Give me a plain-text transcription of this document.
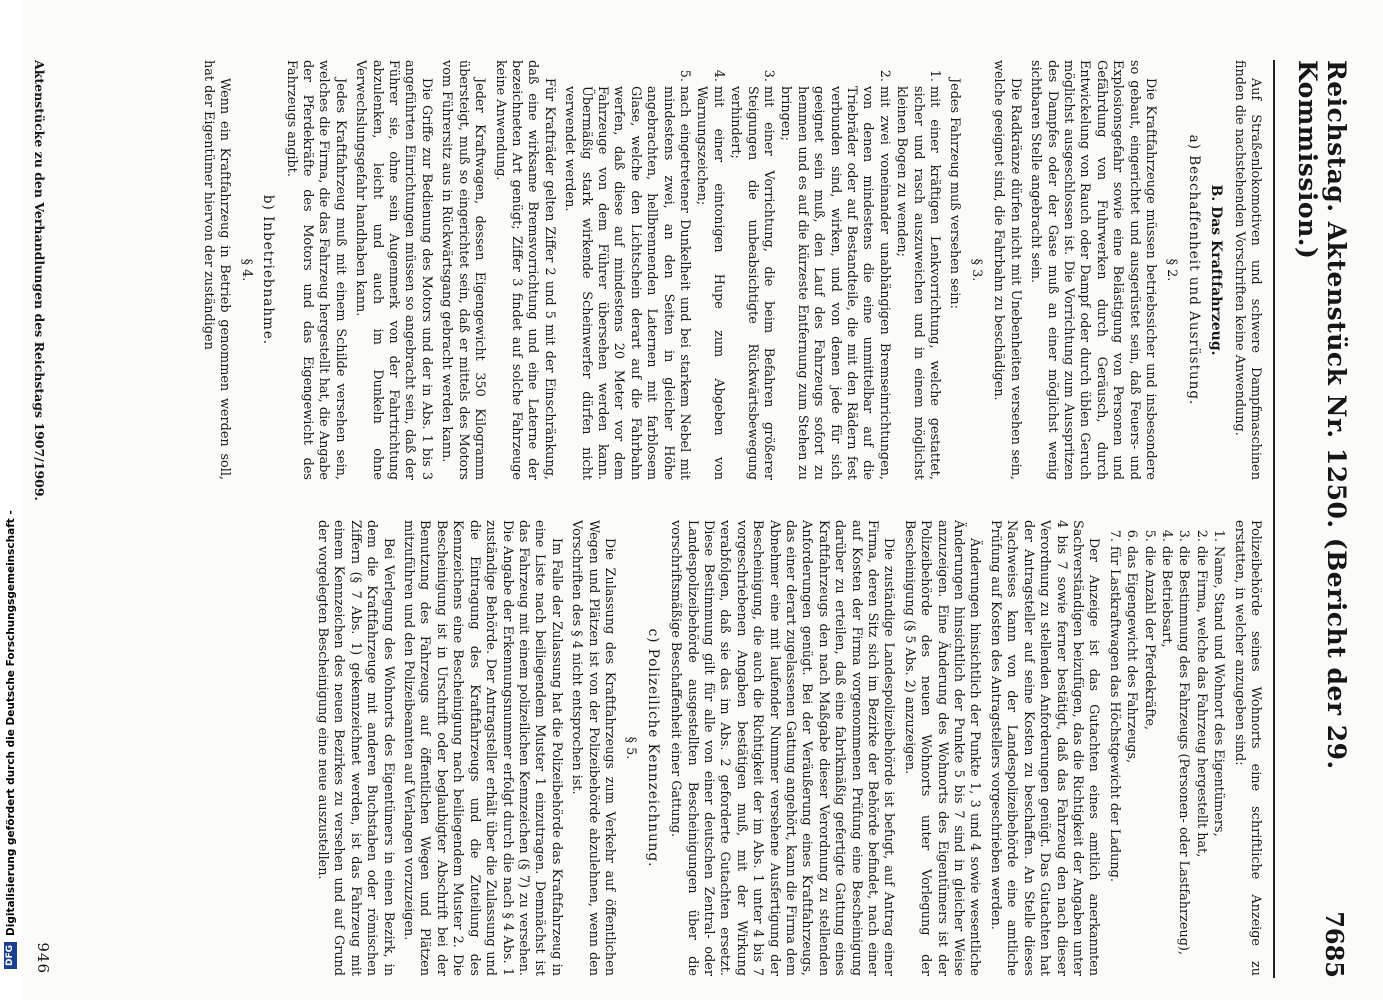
Reichstag. Aktenstück Nr. 1250. (Bericht der 29. Kommission.)
7685

Auf Straßenlokomotiven und schwere Dampfmaschinen finden die nachstehenden Vorschriften keine Anwendung.

B. Das Kraftfahrzeug.

a) Beschaffenheit und Ausrüstung.

§ 2.

Die Kraftfahrzeuge müssen betriebssicher und insbesondere so gebaut, eingerichtet und ausgerüstet sein, daß Feuers- und Explosionsgefahr sowie eine Belästigung von Personen und Gefährdung von Fuhrwerken durch Geräusch, durch Entwickelung von Rauch oder Dampf oder durch üblen Geruch möglichst ausgeschlossen ist. Die Vorrichtung zum Ausspritzen des Dampfes oder der Gase muß an einer möglichst wenig sichtbaren Stelle angebracht sein.

Die Radkränze dürfen nicht mit Unebenheiten versehen sein, welche geeignet sind, die Fahrbahn zu beschädigen.

§ 3.

Jedes Fahrzeug muß versehen sein:

1. mit einer kräftigen Lenkvorrichtung, welche gestattet, sicher und rasch auszuweichen und in einem möglichst kleinen Bogen zu wenden;
2. mit zwei voneinander unabhängigen Bremseinrichtungen, von denen mindestens die eine unmittelbar auf die Triebräder oder auf Bestandteile, die mit den Rädern fest verbunden sind, wirken, und von denen jede für sich geeignet sein muß, den Lauf des Fahrzeugs sofort zu hemmen und es auf die kürzeste Entfernung zum Stehen zu bringen;
3. mit einer Vorrichtung, die beim Befahren größerer Steigungen die unbeabsichtigte Rückwärtsbewegung verhindert;
4. mit einer eintonigen Hupe zum Abgeben von Warnungszeichen;
5. nach eingetretener Dunkelheit und bei starkem Nebel mit mindestens zwei, an den Seiten in gleicher Höhe angebrachten, hellbrennenden Laternen mit farblosem Glase, welche den Lichtschein derart auf die Fahrbahn werfen, daß diese auf mindestens 20 Meter vor dem Fahrzeuge von dem Führer übersehen werden kann. Übermäßig stark wirkende Scheinwerfer dürfen nicht verwendet werden.

Für Krafträder gelten Ziffer 2 und 5 mit der Einschränkung, daß eine wirksame Bremsvorrichtung und eine Laterne der bezeichneten Art genügt; Ziffer 3 findet auf solche Fahrzeuge keine Anwendung.

Jeder Kraftwagen, dessen Eigengewicht 350 Kilogramm übersteigt, muß so eingerichtet sein, daß er mittels des Motors vom Führersitz aus in Rückwärtsgang gebracht werden kann.

Die Griffe zur Bedienung des Motors und der in Abs. 1 bis 3 angeführten Einrichtungen müssen so angebracht sein, daß der Führer sie, ohne sein Augenmerk von der Fahrtrichtung abzulenken, leicht und auch im Dunkeln ohne Verwechslungsgefahr handhaben kann.

Jedes Kraftfahrzeug muß mit einem Schilde versehen sein, welches die Firma, die das Fahrzeug hergestellt hat, die Angabe der Pferdekräfte des Motors und das Eigengewicht des Fahrzeugs angibt.

b) Inbetriebnahme.

§ 4.

Wenn ein Kraftfahrzeug in Betrieb genommen werden soll, hat der Eigentümer hiervon der zuständigen

Polizeibehörde seines Wohnorts eine schriftliche Anzeige zu erstatten, in welcher anzugeben sind:

1. Name, Stand und Wohnort des Eigentümers,
2. die Firma, welche das Fahrzeug hergestellt hat,
3. die Bestimmung des Fahrzeugs (Personen- oder Lastfahrzeug),
4. die Betriebsart,
5. die Anzahl der Pferdekräfte,
6. das Eigengewicht des Fahrzeugs,
7. für Lastkraftwagen das Höchstgewicht der Ladung.

Der Anzeige ist das Gutachten eines amtlich anerkannten Sachverständigen beizufügen, das die Richtigkeit der Angaben unter 4 bis 7 sowie ferner bestätigt, daß das Fahrzeug den nach dieser Verordnung zu stellenden Anforderungen genügt. Das Gutachten hat der Antragsteller auf seine Kosten zu beschaffen. An Stelle dieses Nachweises kann von der Landespolizeibehörde eine amtliche Prüfung auf Kosten des Antragstellers vorgeschrieben werden.

Änderungen hinsichtlich der Punkte 1, 3 und 4 sowie wesentliche Änderungen hinsichtlich der Punkte 5 bis 7 sind in gleicher Weise anzuzeigen. Eine Änderung des Wohnorts des Eigentümers ist der Polizeibehörde des neuen Wohnorts unter Vorlegung der Bescheinigung (§ 5 Abs. 2) anzuzeigen.

Die zuständige Landespolizeibehörde ist befugt, auf Antrag einer Firma, deren Sitz sich im Bezirke der Behörde befindet, nach einer auf Kosten der Firma vorgenommenen Prüfung eine Bescheinigung darüber zu erteilen, daß eine fabrikmäßig gefertigte Gattung eines Kraftfahrzeugs den nach Maßgabe dieser Verordnung zu stellenden Anforderungen genügt. Bei der Veräußerung eines Kraftfahrzeugs, das einer derart zugelassenen Gattung angehört, kann die Firma dem Abnehmer eine mit laufender Nummer versehene Ausfertigung der Bescheinigung, die auch die Richtigkeit der im Abs. 1 unter 4 bis 7 vorgeschriebenen Angaben bestätigen muß, mit der Wirkung verabfolgen, daß sie das im Abs. 2 geforderte Gutachten ersetzt. Diese Bestimmung gilt für alle von einer deutschen Zentral- oder Landespolizeibehörde ausgestellten Bescheinigungen über die vorschriftsmäßige Beschaffenheit einer Gattung.

c) Polizeiliche Kennzeichnung.

§ 5.

Die Zulassung des Kraftfahrzeugs zum Verkehr auf öffentlichen Wegen und Plätzen ist von der Polizeibehörde abzulehnen, wenn den Vorschriften des § 4 nicht entsprochen ist.

Im Falle der Zulassung hat die Polizeibehörde das Kraftfahrzeug in eine Liste nach beiliegendem Muster 1 einzutragen. Demnächst ist das Fahrzeug mit einem polizeilichen Kennzeichen (§ 7) zu versehen. Die Angabe der Erkennungsnummer erfolgt durch die nach § 4 Abs. 1 zuständige Behörde. Der Antragsteller erhält über die Zulassung und die Eintragung des Kraftfahrzeugs und die Zuteilung des Kennzeichens eine Bescheinigung nach beiliegendem Muster 2. Die Bescheinigung ist in Urschrift oder beglaubigter Abschrift bei der Benutzung des Fahrzeugs auf öffentlichen Wegen und Plätzen mitzuführen und den Polizeibeamten auf Verlangen vorzuzeigen.

Bei Verlegung des Wohnorts des Eigentümers in einen Bezirk, in dem die Kraftfahrzeuge mit anderen Buchstaben oder römischen Ziffern (§ 7 Abs. 1) gekennzeichnet werden, ist das Fahrzeug mit einem Kennzeichen des neuen Bezirkes zu versehen und auf Grund der vorgelegten Bescheinigung eine neue auszustellen.

Aktenstücke zu den Verhandlungen des Reichstags 1907/1909.
946
DFG
Digitalisierung gefördert durch die Deutsche Forschungsgemeinschaft -
